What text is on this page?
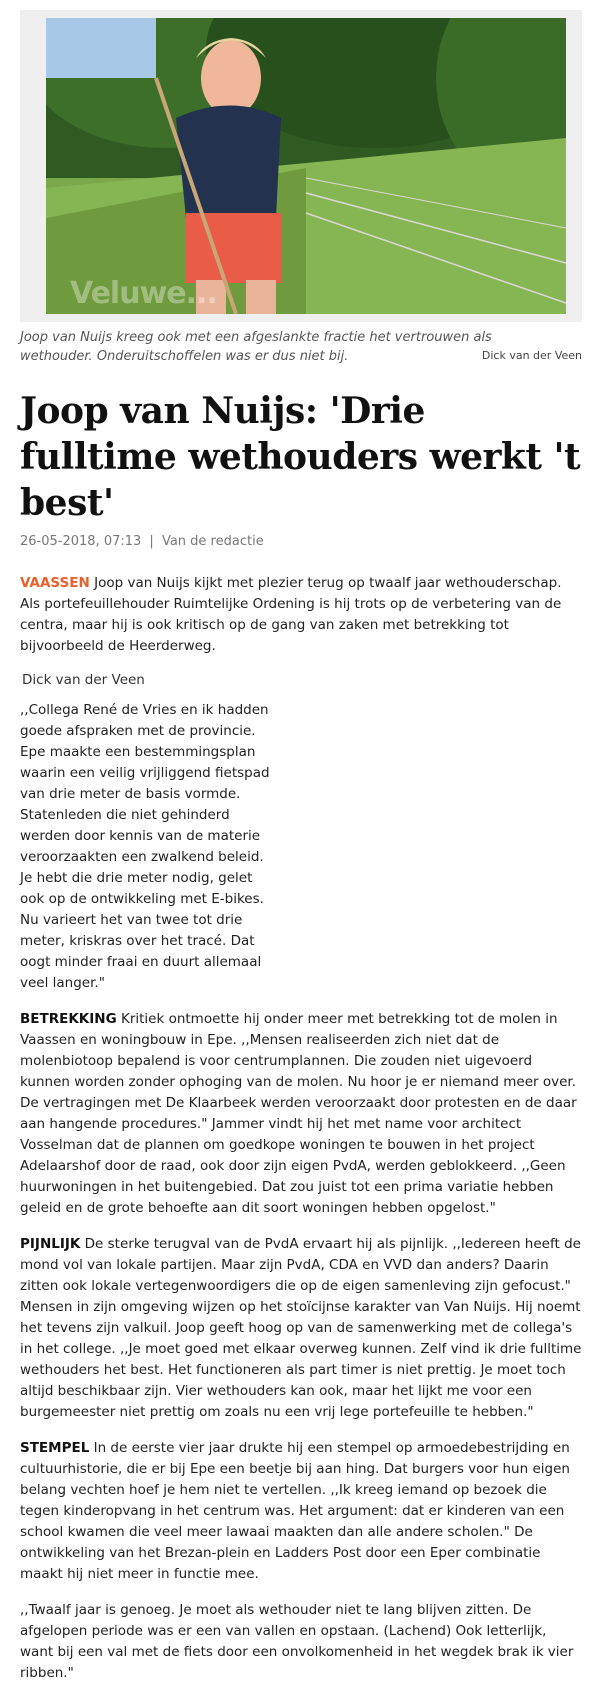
Veluwe...
Joop van Nuijs kreeg ook met een afgeslankte fractie het vertrouwen als wethouder. Onderuitschoffelen was er dus niet bij.	Dick van der Veen
Joop van Nuijs: 'Drie fulltime wethouders werkt 't best'
26-05-2018, 07:13 | Van de redactie

VAASSEN Joop van Nuijs kijkt met plezier terug op twaalf jaar wethouderschap. Als portefeuillehouder Ruimtelijke Ordening is hij trots op de verbetering van de centra, maar hij is ook kritisch op de gang van zaken met betrekking tot bijvoorbeeld de Heerderweg.

Dick van der Veen

,,Collega René de Vries en ik hadden goede afspraken met de provincie. Epe maakte een bestemmingsplan waarin een veilig vrijliggend fietspad van drie meter de basis vormde. Statenleden die niet gehinderd werden door kennis van de materie veroorzaakten een zwalkend beleid. Je hebt die drie meter nodig, gelet ook op de ontwikkeling met E-bikes. Nu varieert het van twee tot drie meter, kriskras over het tracé. Dat oogt minder fraai en duurt allemaal veel langer."

BETREKKING Kritiek ontmoette hij onder meer met betrekking tot de molen in Vaassen en woningbouw in Epe. ,,Mensen realiseerden zich niet dat de molenbiotoop bepalend is voor centrumplannen. Die zouden niet uigevoerd kunnen worden zonder ophoging van de molen. Nu hoor je er niemand meer over. De vertragingen met De Klaarbeek werden veroorzaakt door protesten en de daar aan hangende procedures." Jammer vindt hij het met name voor architect Vosselman dat de plannen om goedkope woningen te bouwen in het project Adelaarshof door de raad, ook door zijn eigen PvdA, werden geblokkeerd. ,,Geen huurwoningen in het buitengebied. Dat zou juist tot een prima variatie hebben geleid en de grote behoefte aan dit soort woningen hebben opgelost."

PIJNLIJK De sterke terugval van de PvdA ervaart hij als pijnlijk. ,,Iedereen heeft de mond vol van lokale partijen. Maar zijn PvdA, CDA en VVD dan anders? Daarin zitten ook lokale vertegenwoordigers die op de eigen samenleving zijn gefocust." Mensen in zijn omgeving wijzen op het stoïcijnse karakter van Van Nuijs. Hij noemt het tevens zijn valkuil. Joop geeft hoog op van de samenwerking met de collega's in het college. ,,Je moet goed met elkaar overweg kunnen. Zelf vind ik drie fulltime wethouders het best. Het functioneren als part timer is niet prettig. Je moet toch altijd beschikbaar zijn. Vier wethouders kan ook, maar het lijkt me voor een burgemeester niet prettig om zoals nu een vrij lege portefeuille te hebben."

STEMPEL In de eerste vier jaar drukte hij een stempel op armoedebestrijding en cultuurhistorie, die er bij Epe een beetje bij aan hing. Dat burgers voor hun eigen belang vechten hoef je hem niet te vertellen. ,,Ik kreeg iemand op bezoek die tegen kinderopvang in het centrum was. Het argument: dat er kinderen van een school kwamen die veel meer lawaai maakten dan alle andere scholen." De ontwikkeling van het Brezan-plein en Ladders Post door een Eper combinatie maakt hij niet meer in functie mee.

,,Twaalf jaar is genoeg. Je moet als wethouder niet te lang blijven zitten. De afgelopen periode was er een van vallen en opstaan. (Lachend) Ook letterlijk, want bij een val met de fiets door een onvolkomenheid in het wegdek brak ik vier ribben."
